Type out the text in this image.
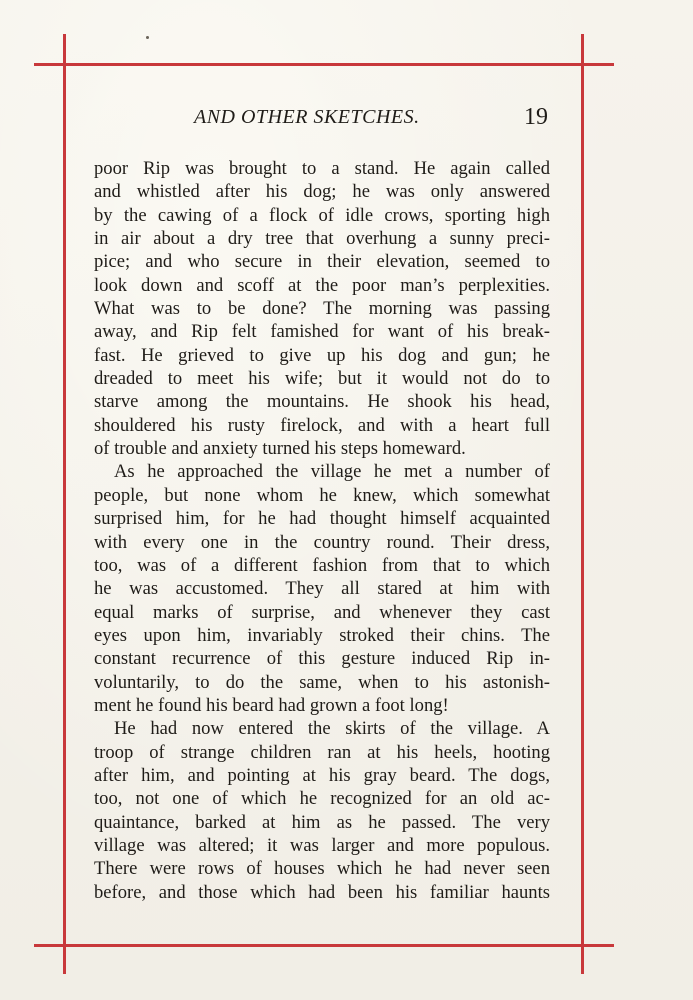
AND OTHER SKETCHES.	19
poor Rip was brought to a stand. He again called
and whistled after his dog; he was only answered
by the cawing of a flock of idle crows, sporting high
in air about a dry tree that overhung a sunny preci-
pice; and who secure in their elevation, seemed to
look down and scoff at the poor man’s perplexities.
What was to be done? The morning was passing
away, and Rip felt famished for want of his break-
fast. He grieved to give up his dog and gun; he
dreaded to meet his wife; but it would not do to
starve among the mountains. He shook his head,
shouldered his rusty firelock, and with a heart full
of trouble and anxiety turned his steps homeward.
As he approached the village he met a number of
people, but none whom he knew, which somewhat
surprised him, for he had thought himself acquainted
with every one in the country round. Their dress,
too, was of a different fashion from that to which
he was accustomed. They all stared at him with
equal marks of surprise, and whenever they cast
eyes upon him, invariably stroked their chins. The
constant recurrence of this gesture induced Rip in-
voluntarily, to do the same, when to his astonish-
ment he found his beard had grown a foot long!
He had now entered the skirts of the village. A
troop of strange children ran at his heels, hooting
after him, and pointing at his gray beard. The dogs,
too, not one of which he recognized for an old ac-
quaintance, barked at him as he passed. The very
village was altered; it was larger and more populous.
There were rows of houses which he had never seen
before, and those which had been his familiar haunts
